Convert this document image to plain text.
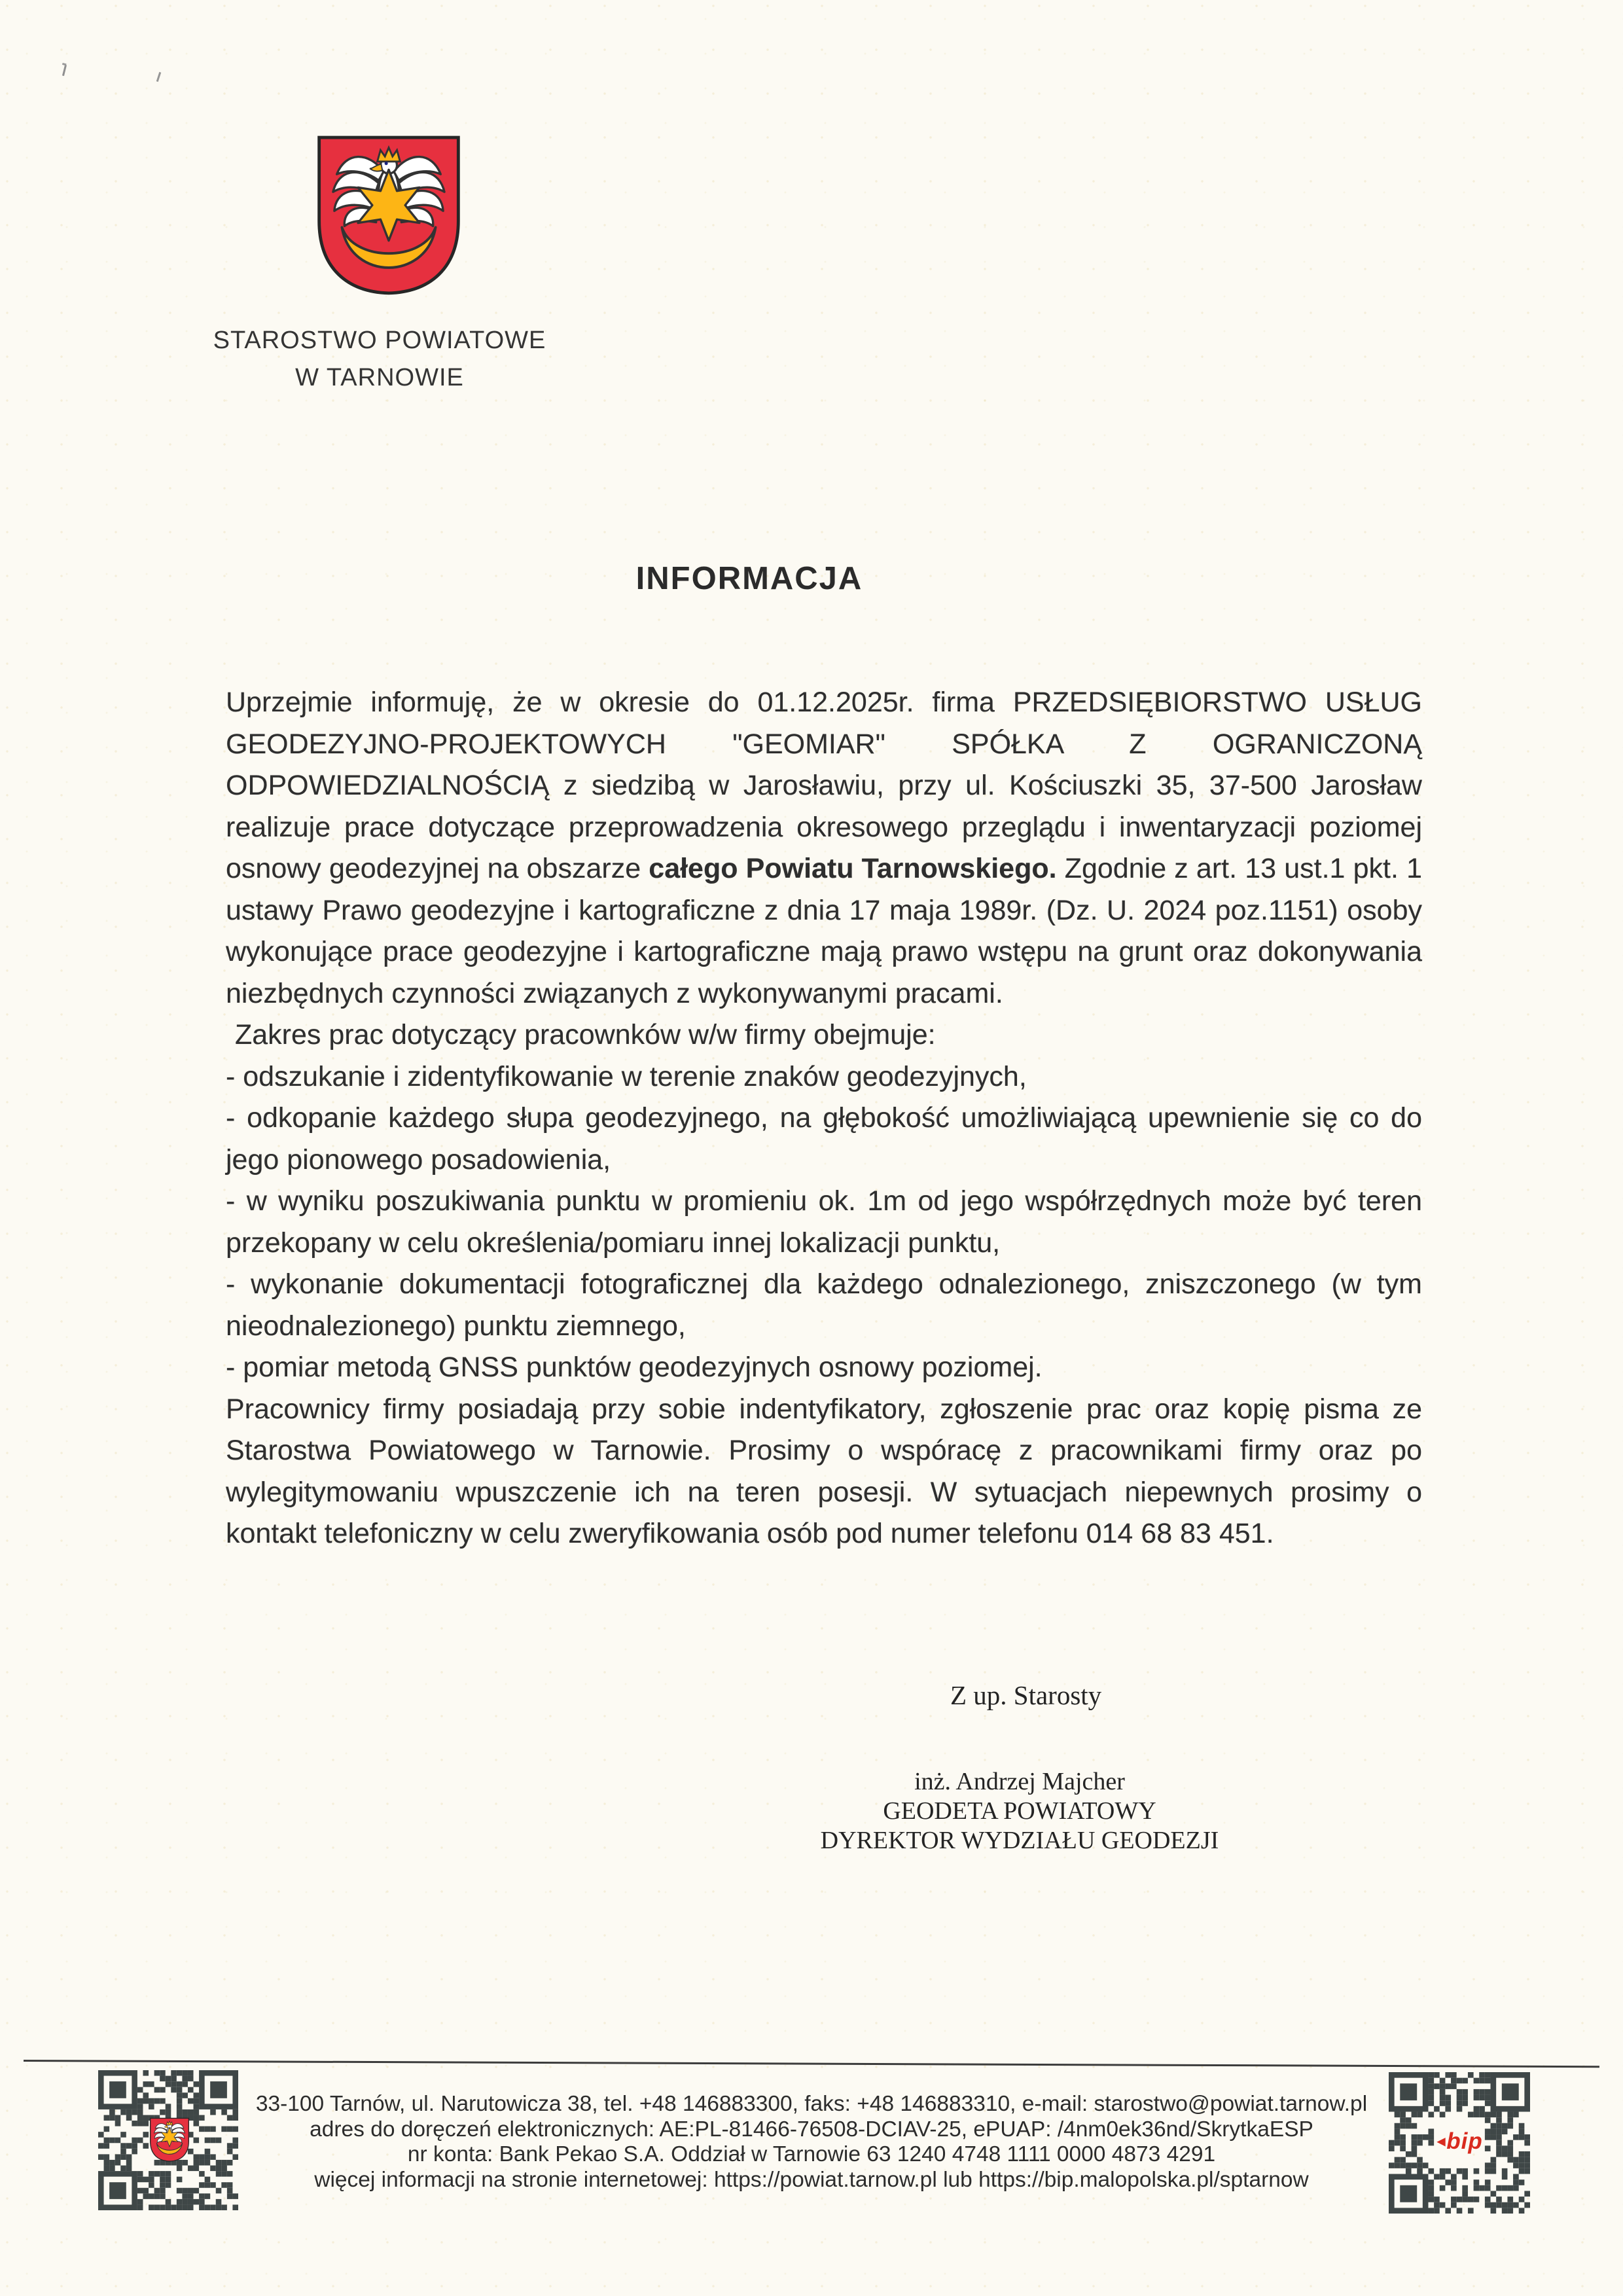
STAROSTWO POWIATOWE
W TARNOWIE
INFORMACJA

Uprzejmie informuję, że w okresie do 01.12.2025r. firma PRZEDSIĘBIORSTWO USŁUG GEODEZYJNO-PROJEKTOWYCH "GEOMIAR" SPÓŁKA Z OGRANICZONĄ ODPOWIEDZIALNOŚCIĄ z siedzibą w Jarosławiu, przy ul. Kościuszki 35, 37-500 Jarosław realizuje prace dotyczące przeprowadzenia okresowego przeglądu i inwentaryzacji poziomej osnowy geodezyjnej na obszarze całego Powiatu Tarnowskiego. Zgodnie z art. 13 ust.1 pkt. 1 ustawy Prawo geodezyjne i kartograficzne z dnia 17 maja 1989r. (Dz. U. 2024 poz.1151) osoby wykonujące prace geodezyjne i kartograficzne mają prawo wstępu na grunt oraz dokonywania niezbędnych czynności związanych z wykonywanymi pracami.

Zakres prac dotyczący pracownków w/w firmy obejmuje:

- odszukanie i zidentyfikowanie w terenie znaków geodezyjnych,

- odkopanie każdego słupa geodezyjnego, na głębokość umożliwiającą upewnienie się co do jego pionowego posadowienia,

- w wyniku poszukiwania punktu w promieniu ok. 1m od jego współrzędnych może być teren przekopany w celu określenia/pomiaru innej lokalizacji punktu,

- wykonanie dokumentacji fotograficznej dla każdego odnalezionego, zniszczonego (w tym nieodnalezionego) punktu ziemnego,

- pomiar metodą GNSS punktów geodezyjnych osnowy poziomej.

Pracownicy firmy posiadają przy sobie indentyfikatory, zgłoszenie prac oraz kopię pisma ze Starostwa Powiatowego w Tarnowie. Prosimy o wspóracę z pracownikami firmy oraz po wylegitymowaniu wpuszczenie ich na teren posesji. W sytuacjach niepewnych prosimy o kontakt telefoniczny w celu zweryfikowania osób pod numer telefonu 014 68 83 451.

Z up. Starosty
inż. Andrzej Majcher
GEODETA POWIATOWY
DYREKTOR WYDZIAŁU GEODEZJI
33-100 Tarnów, ul. Narutowicza 38, tel. +48 146883300, faks: +48 146883310, e-mail: starostwo@powiat.tarnow.pl
adres do doręczeń elektronicznych: AE:PL-81466-76508-DCIAV-25, ePUAP: /4nm0ek36nd/SkrytkaESP
nr konta: Bank Pekao S.A. Oddział w Tarnowie 63 1240 4748 1111 0000 4873 4291
więcej informacji na stronie internetowej: https://powiat.tarnow.pl lub https://bip.malopolska.pl/sptarnow
◂bip
